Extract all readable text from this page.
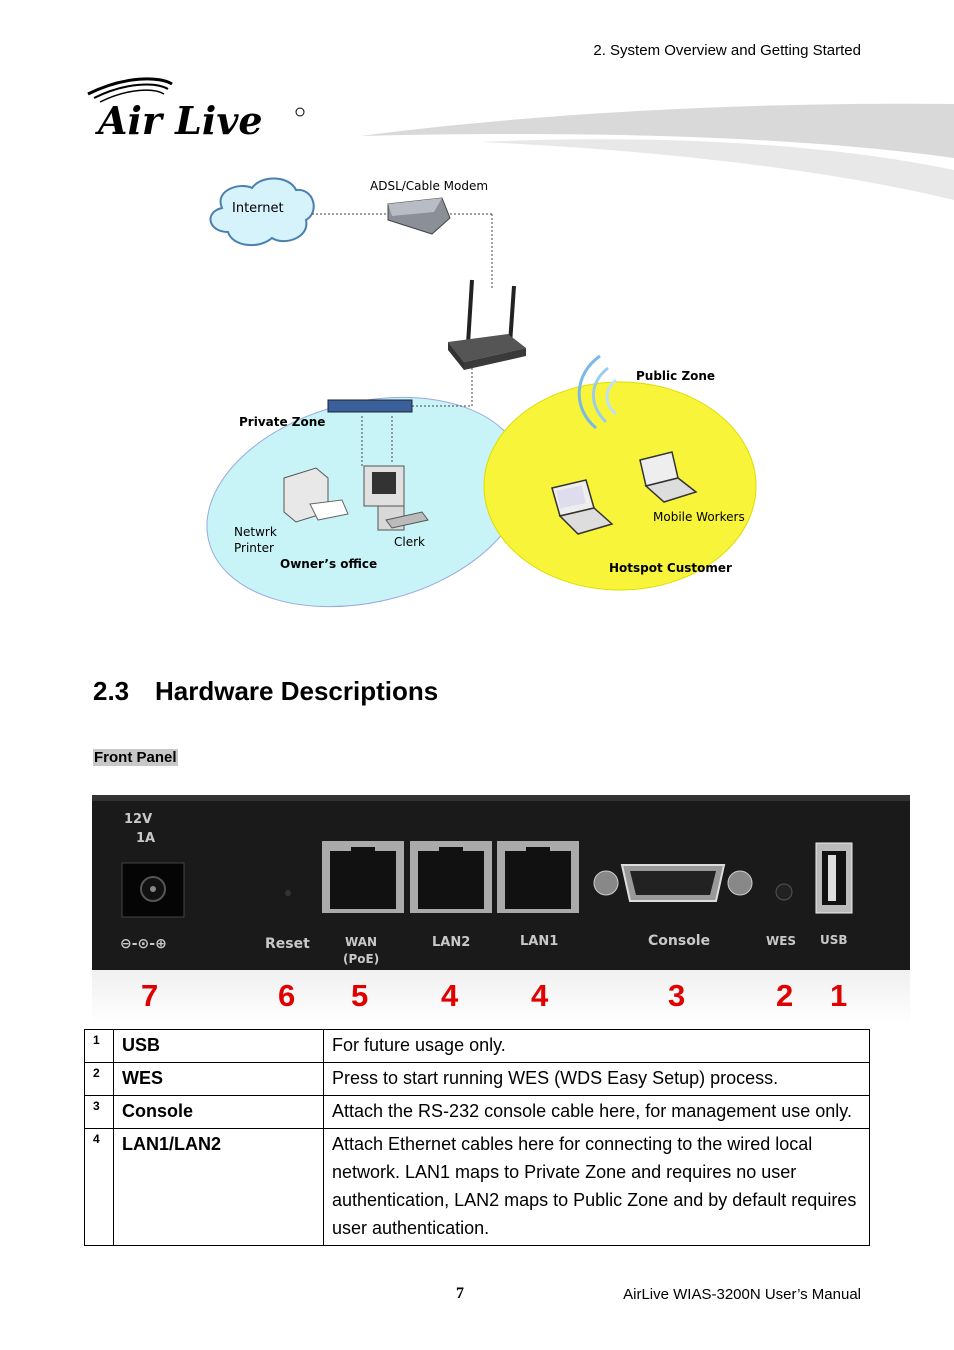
2. System Overview and Getting Started
Air Live
Internet
ADSL/Cable Modem
Public Zone
Private Zone
Netwrk
Printer	Clerk
Owner’s office
Mobile Workers
Hotspot Customer
2.3 Hardware Descriptions
Front Panel
12V
1A
⊖-⊙-⊕	Reset	WAN
(PoE)
LAN2	LAN1	Console	WES USB
7	6 5 4 4	3	2 1
1	USB	For future usage only.
2	WES	Press to start running WES (WDS Easy Setup) process.
3	Console	Attach the RS-232 console cable here, for management use only.
4	LAN1/LAN2	Attach Ethernet cables here for connecting to the wired local network. LAN1 maps to Private Zone and requires no user authentication, LAN2 maps to Public Zone and by default requires user authentication.
7	AirLive WIAS-3200N User’s Manual
